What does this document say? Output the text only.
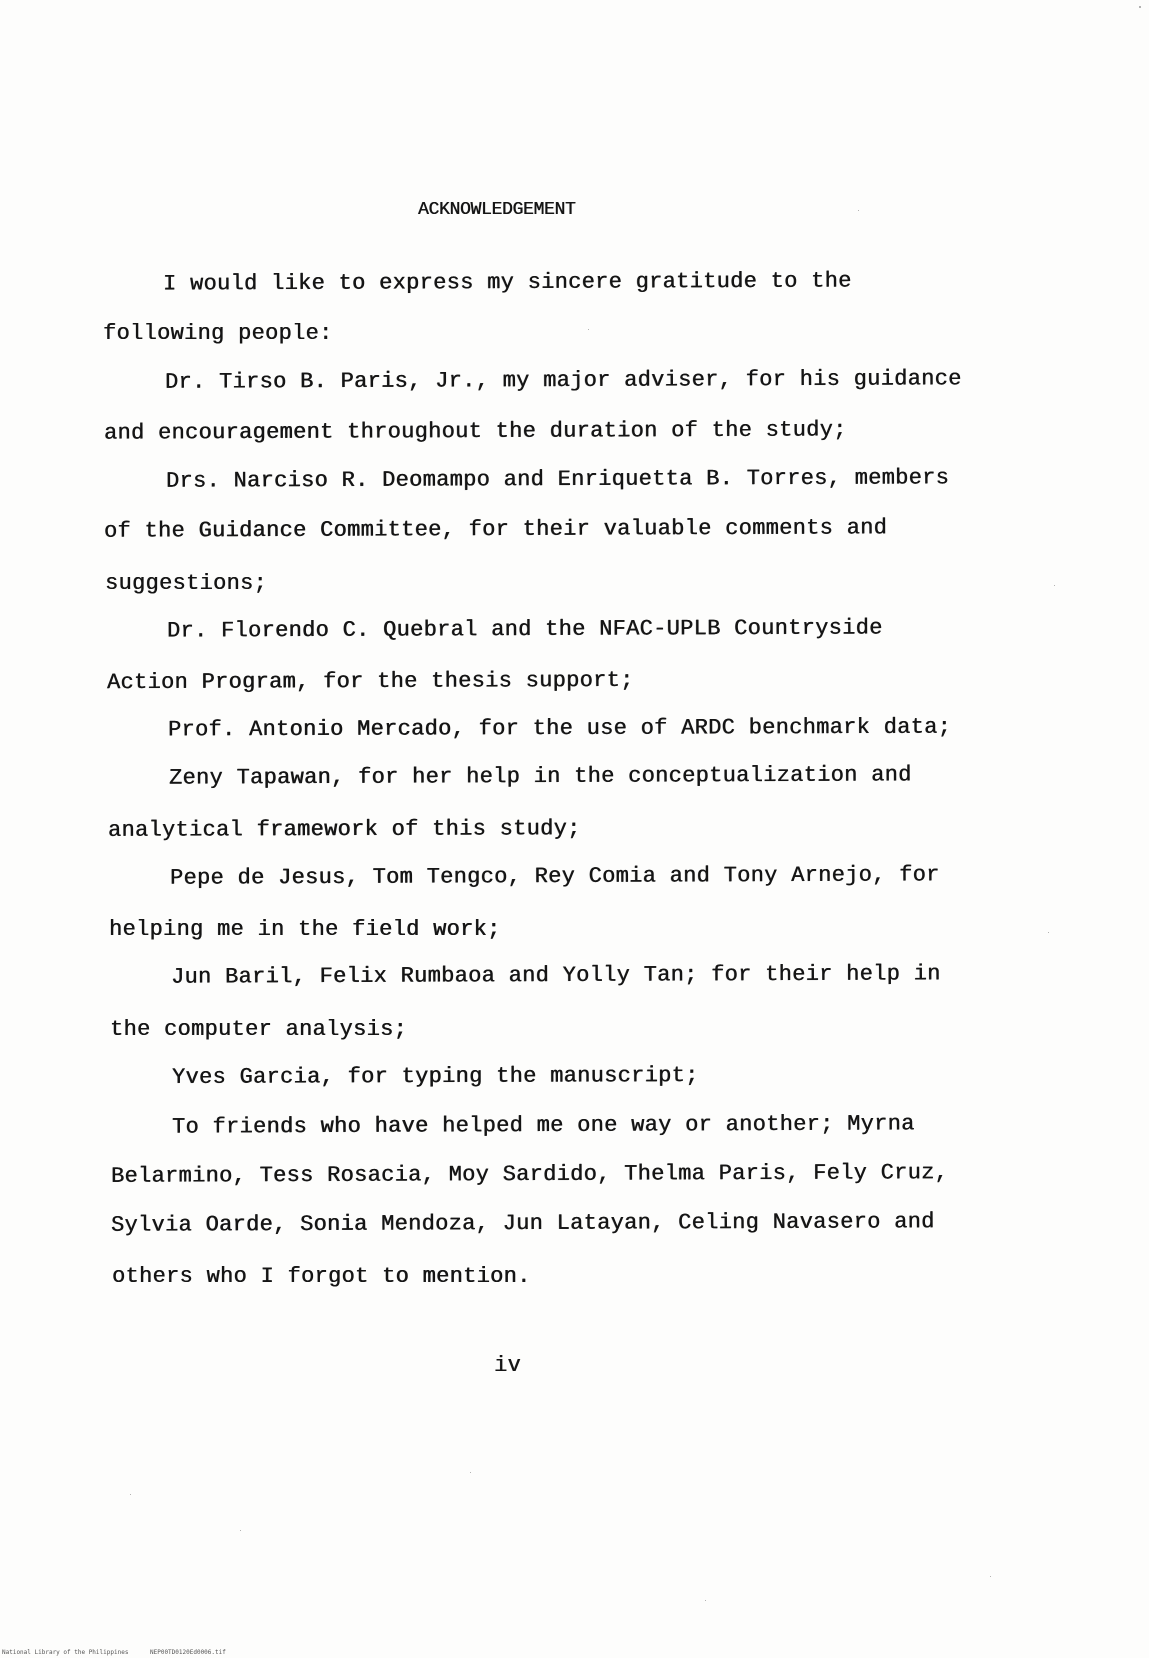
ACKNOWLEDGEMENT
I would like to express my sincere gratitude to the
following people:
Dr. Tirso B. Paris, Jr., my major adviser, for his guidance
and encouragement throughout the duration of the study;
Drs. Narciso R. Deomampo and Enriquetta B. Torres, members
of the Guidance Committee, for their valuable comments and
suggestions;
Dr. Florendo C. Quebral and the NFAC-UPLB Countryside
Action Program, for the thesis support;
Prof. Antonio Mercado, for the use of ARDC benchmark data;
Zeny Tapawan, for her help in the conceptualization and
analytical framework of this study;
Pepe de Jesus, Tom Tengco, Rey Comia and Tony Arnejo, for
helping me in the field work;
Jun Baril, Felix Rumbaoa and Yolly Tan; for their help in
the computer analysis;
Yves Garcia, for typing the manuscript;
To friends who have helped me one way or another; Myrna
Belarmino, Tess Rosacia, Moy Sardido, Thelma Paris, Fely Cruz,
Sylvia Oarde, Sonia Mendoza, Jun Latayan, Celing Navasero and
others who I forgot to mention.
iv
National Library of the Philippines	NEP00TD0120Ed0006.tif
